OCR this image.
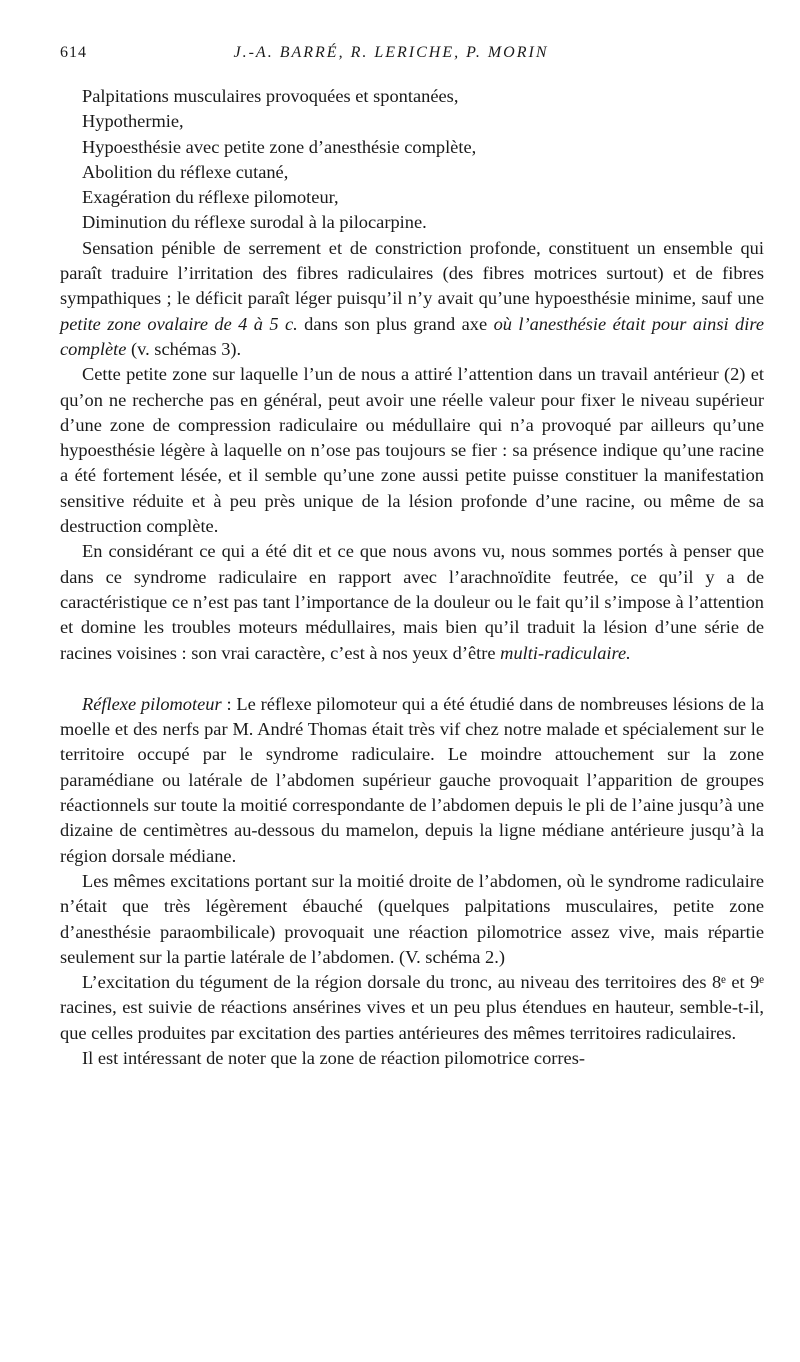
614	J.-A. BARRÉ, R. LERICHE, P. MORIN

Palpitations musculaires provoquées et spontanées,

Hypothermie,

Hypoesthésie avec petite zone d’anesthésie complète,

Abolition du réflexe cutané,

Exagération du réflexe pilomoteur,

Diminution du réflexe surodal à la pilocarpine.

Sensation pénible de serrement et de constriction profonde, constituent un ensemble qui paraît traduire l’irritation des fibres radiculaires (des fibres motrices surtout) et de fibres sympathiques ; le déficit paraît léger puisqu’il n’y avait qu’une hypoesthésie minime, sauf une petite zone ovalaire de 4 à 5 c. dans son plus grand axe où l’anesthésie était pour ainsi dire complète (v. schémas 3).

Cette petite zone sur laquelle l’un de nous a attiré l’attention dans un travail antérieur (2) et qu’on ne recherche pas en général, peut avoir une réelle valeur pour fixer le niveau supérieur d’une zone de compression radiculaire ou médullaire qui n’a provoqué par ailleurs qu’une hypoesthésie légère à laquelle on n’ose pas toujours se fier : sa présence indique qu’une racine a été fortement lésée, et il semble qu’une zone aussi petite puisse constituer la manifestation sensitive réduite et à peu près unique de la lésion profonde d’une racine, ou même de sa destruction complète.

En considérant ce qui a été dit et ce que nous avons vu, nous sommes portés à penser que dans ce syndrome radiculaire en rapport avec l’arachnoïdite feutrée, ce qu’il y a de caractéristique ce n’est pas tant l’importance de la douleur ou le fait qu’il s’impose à l’attention et domine les troubles moteurs médullaires, mais bien qu’il traduit la lésion d’une série de racines voisines : son vrai caractère, c’est à nos yeux d’être multi-radiculaire.

Réflexe pilomoteur : Le réflexe pilomoteur qui a été étudié dans de nombreuses lésions de la moelle et des nerfs par M. André Thomas était très vif chez notre malade et spécialement sur le territoire occupé par le syndrome radiculaire. Le moindre attouchement sur la zone paramédiane ou latérale de l’abdomen supérieur gauche provoquait l’apparition de groupes réactionnels sur toute la moitié correspondante de l’abdomen depuis le pli de l’aine jusqu’à une dizaine de centimètres au-dessous du mamelon, depuis la ligne médiane antérieure jusqu’à la région dorsale médiane.

Les mêmes excitations portant sur la moitié droite de l’abdomen, où le syndrome radiculaire n’était que très légèrement ébauché (quelques palpitations musculaires, petite zone d’anesthésie paraombilicale) provoquait une réaction pilomotrice assez vive, mais répartie seulement sur la partie latérale de l’abdomen. (V. schéma 2.)

L’excitation du tégument de la région dorsale du tronc, au niveau des territoires des 8ᵉ et 9ᵉ racines, est suivie de réactions ansérines vives et un peu plus étendues en hauteur, semble-t-il, que celles produites par excitation des parties antérieures des mêmes territoires radiculaires.

Il est intéressant de noter que la zone de réaction pilomotrice corres-
